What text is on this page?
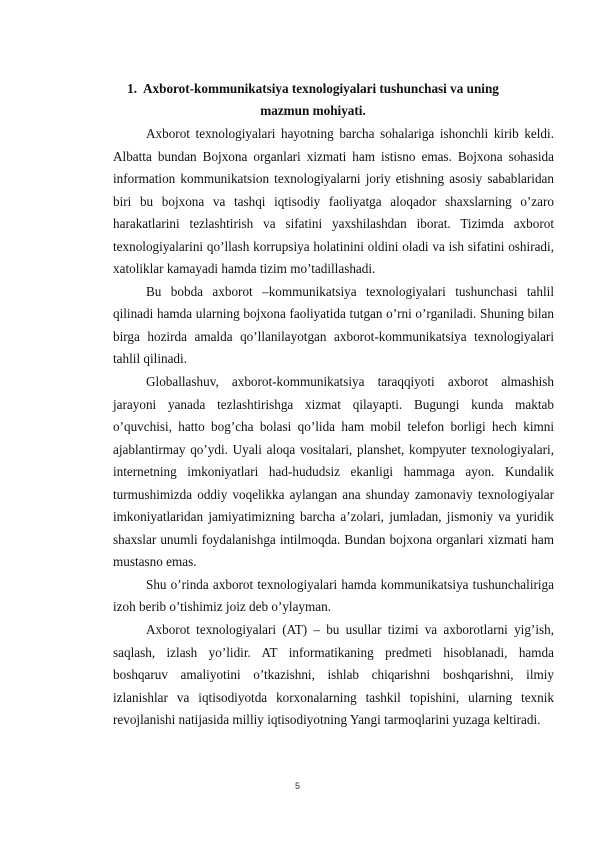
1. Axborot-kommunikatsiya texnologiyalari tushunchasi va uning mazmun mohiyati.

Axborot texnologiyalari hayotning barcha sohalariga ishonchli kirib keldi. Albatta bundan Bojxona organlari xizmati ham istisno emas. Bojxona sohasida information kommunikatsion texnologiyalarni joriy etishning asosiy sabablaridan biri bu bojxona va tashqi iqtisodiy faoliyatga aloqador shaxslarning o’zaro harakatlarini tezlashtirish va sifatini yaxshilashdan iborat. Tizimda axborot texnologiyalarini qo’llash korrupsiya holatinini oldini oladi va ish sifatini oshiradi, xatoliklar kamayadi hamda tizim mo’tadillashadi.

Bu bobda axborot –kommunikatsiya texnologiyalari tushunchasi tahlil qilinadi hamda ularning bojxona faoliyatida tutgan o’rni o’rganiladi. Shuning bilan birga hozirda amalda qo’llanilayotgan axborot-kommunikatsiya texnologiyalari tahlil qilinadi.

Globallashuv, axborot-kommunikatsiya taraqqiyoti axborot almashish jarayoni yanada tezlashtirishga xizmat qilayapti. Bugungi kunda maktab o’quvchisi, hatto bog’cha bolasi qo’lida ham mobil telefon borligi hech kimni ajablantirmay qo’ydi. Uyali aloqa vositalari, planshet, kompyuter texnologiyalari, internetning imkoniyatlari had-hududsiz ekanligi hammaga ayon. Kundalik turmushimizda oddiy voqelikka aylangan ana shunday zamonaviy texnologiyalar imkoniyatlaridan jamiyatimizning barcha a’zolari, jumladan, jismoniy va yuridik shaxslar unumli foydalanishga intilmoqda. Bundan bojxona organlari xizmati ham mustasno emas.

Shu o’rinda axborot texnologiyalari hamda kommunikatsiya tushunchaliriga izoh berib o’tishimiz joiz deb o’ylayman.

Axborot texnologiyalari (AT) – bu usullar tizimi va axborotlarni yig’ish, saqlash, izlash yo’lidir. AT informatikaning predmeti hisoblanadi, hamda boshqaruv amaliyotini o’tkazishni, ishlab chiqarishni boshqarishni, ilmiy izlanishlar va iqtisodiyotda korxonalarning tashkil topishini, ularning texnik revojlanishi natijasida milliy iqtisodiyotning Yangi tarmoqlarini yuzaga keltiradi.

5
